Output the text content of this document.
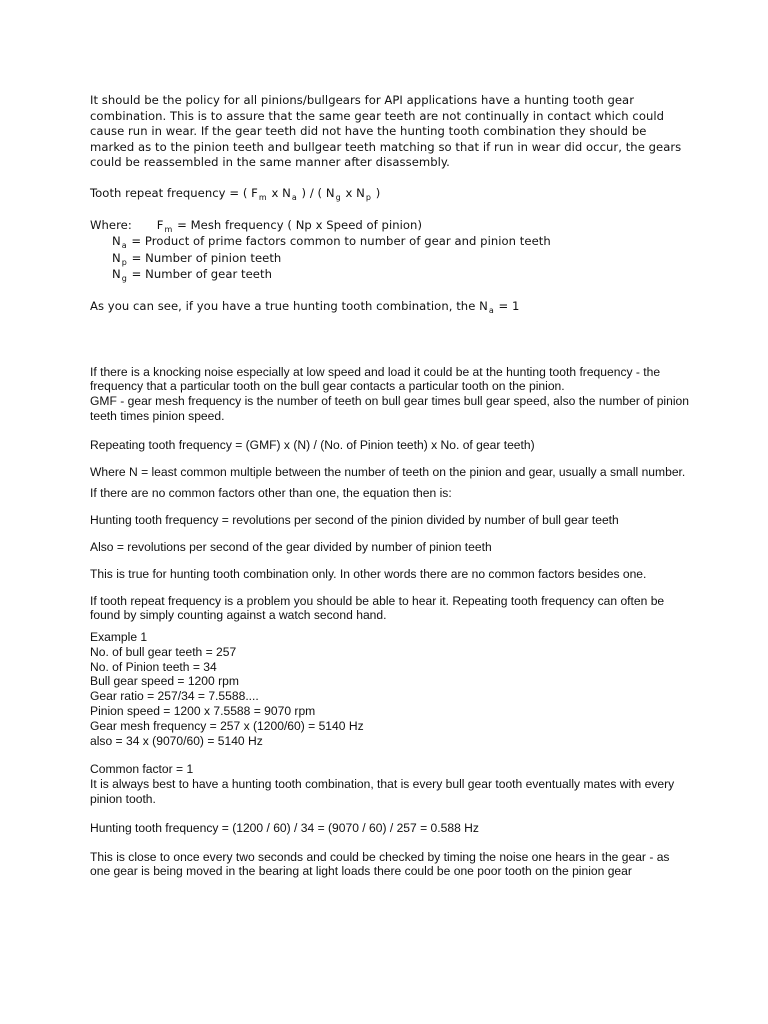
It should be the policy for all pinions/bullgears for API applications have a hunting tooth gear combination. This is to assure that the same gear teeth are not continually in contact which could cause run in wear. If the gear teeth did not have the hunting tooth combination they should be marked as to the pinion teeth and bullgear teeth matching so that if run in wear did occur, the gears could be reassembled in the same manner after disassembly.

Tooth repeat frequency = ( $F_m$ x $N_a$ ) / ( $N_g$ x $N_p$ )

Where: $F_m$ = Mesh frequency ( Np x Speed of pinion)

$N_a$ = Product of prime factors common to number of gear and pinion teeth

$N_p$ = Number of pinion teeth

$N_g$ = Number of gear teeth

As you can see, if you have a true hunting tooth combination, the $N_a = 1$

If there is a knocking noise especially at low speed and load it could be at the hunting tooth frequency - the frequency that a particular tooth on the bull gear contacts a particular tooth on the pinion.

GMF - gear mesh frequency is the number of teeth on bull gear times bull gear speed, also the number of pinion teeth times pinion speed.

Repeating tooth frequency = (GMF) x (N) / (No. of Pinion teeth) x No. of gear teeth)

Where N = least common multiple between the number of teeth on the pinion and gear, usually a small number.

If there are no common factors other than one, the equation then is:

Hunting tooth frequency = revolutions per second of the pinion divided by number of bull gear teeth

Also = revolutions per second of the gear divided by number of pinion teeth

This is true for hunting tooth combination only. In other words there are no common factors besides one.

If tooth repeat frequency is a problem you should be able to hear it. Repeating tooth frequency can often be found by simply counting against a watch second hand.

Example 1

No. of bull gear teeth = 257

No. of Pinion teeth = 34

Bull gear speed = 1200 rpm

Gear ratio = 257/34 = 7.5588....

Pinion speed = 1200 x 7.5588 = 9070 rpm

Gear mesh frequency = 257 x (1200/60) = 5140 Hz

also = 34 x (9070/60) = 5140 Hz

Common factor = 1

It is always best to have a hunting tooth combination, that is every bull gear tooth eventually mates with every pinion tooth.

Hunting tooth frequency = (1200 / 60) / 34 = (9070 / 60) / 257 = 0.588 Hz

This is close to once every two seconds and could be checked by timing the noise one hears in the gear - as one gear is being moved in the bearing at light loads there could be one poor tooth on the pinion gear
